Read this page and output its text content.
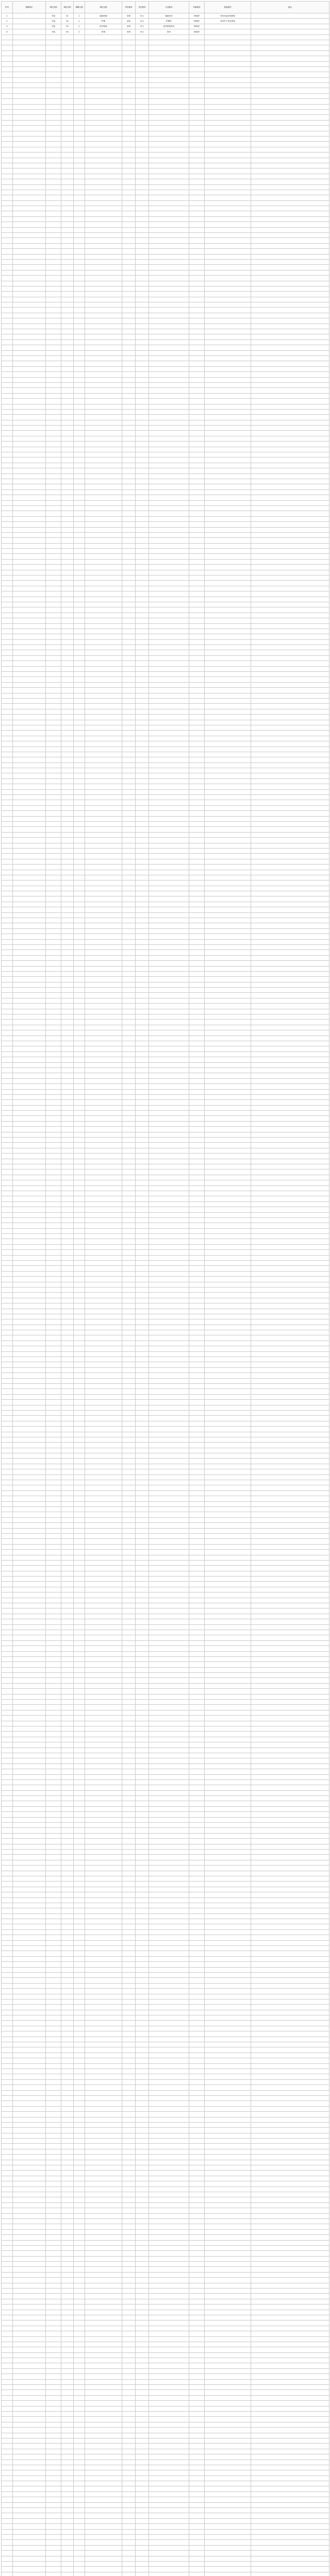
序号	招聘单位	岗位类别	岗位代码	招聘人数	岗位名称	学历要求	学位要求	专业要求	年龄要求	其他条件	备注
1		专技	01	1	临床医师	本科	学士	临床医学	35周岁	具有执业医师资格	
2		专技	02	1	护理	本科	学士	护理学	35周岁	具有护士执业资格	
3		专技	03	1	医学检验	本科	学士	医学检验技术	35周岁		
4		专技	04	1	药剂	本科	学士	药学	35周岁		
